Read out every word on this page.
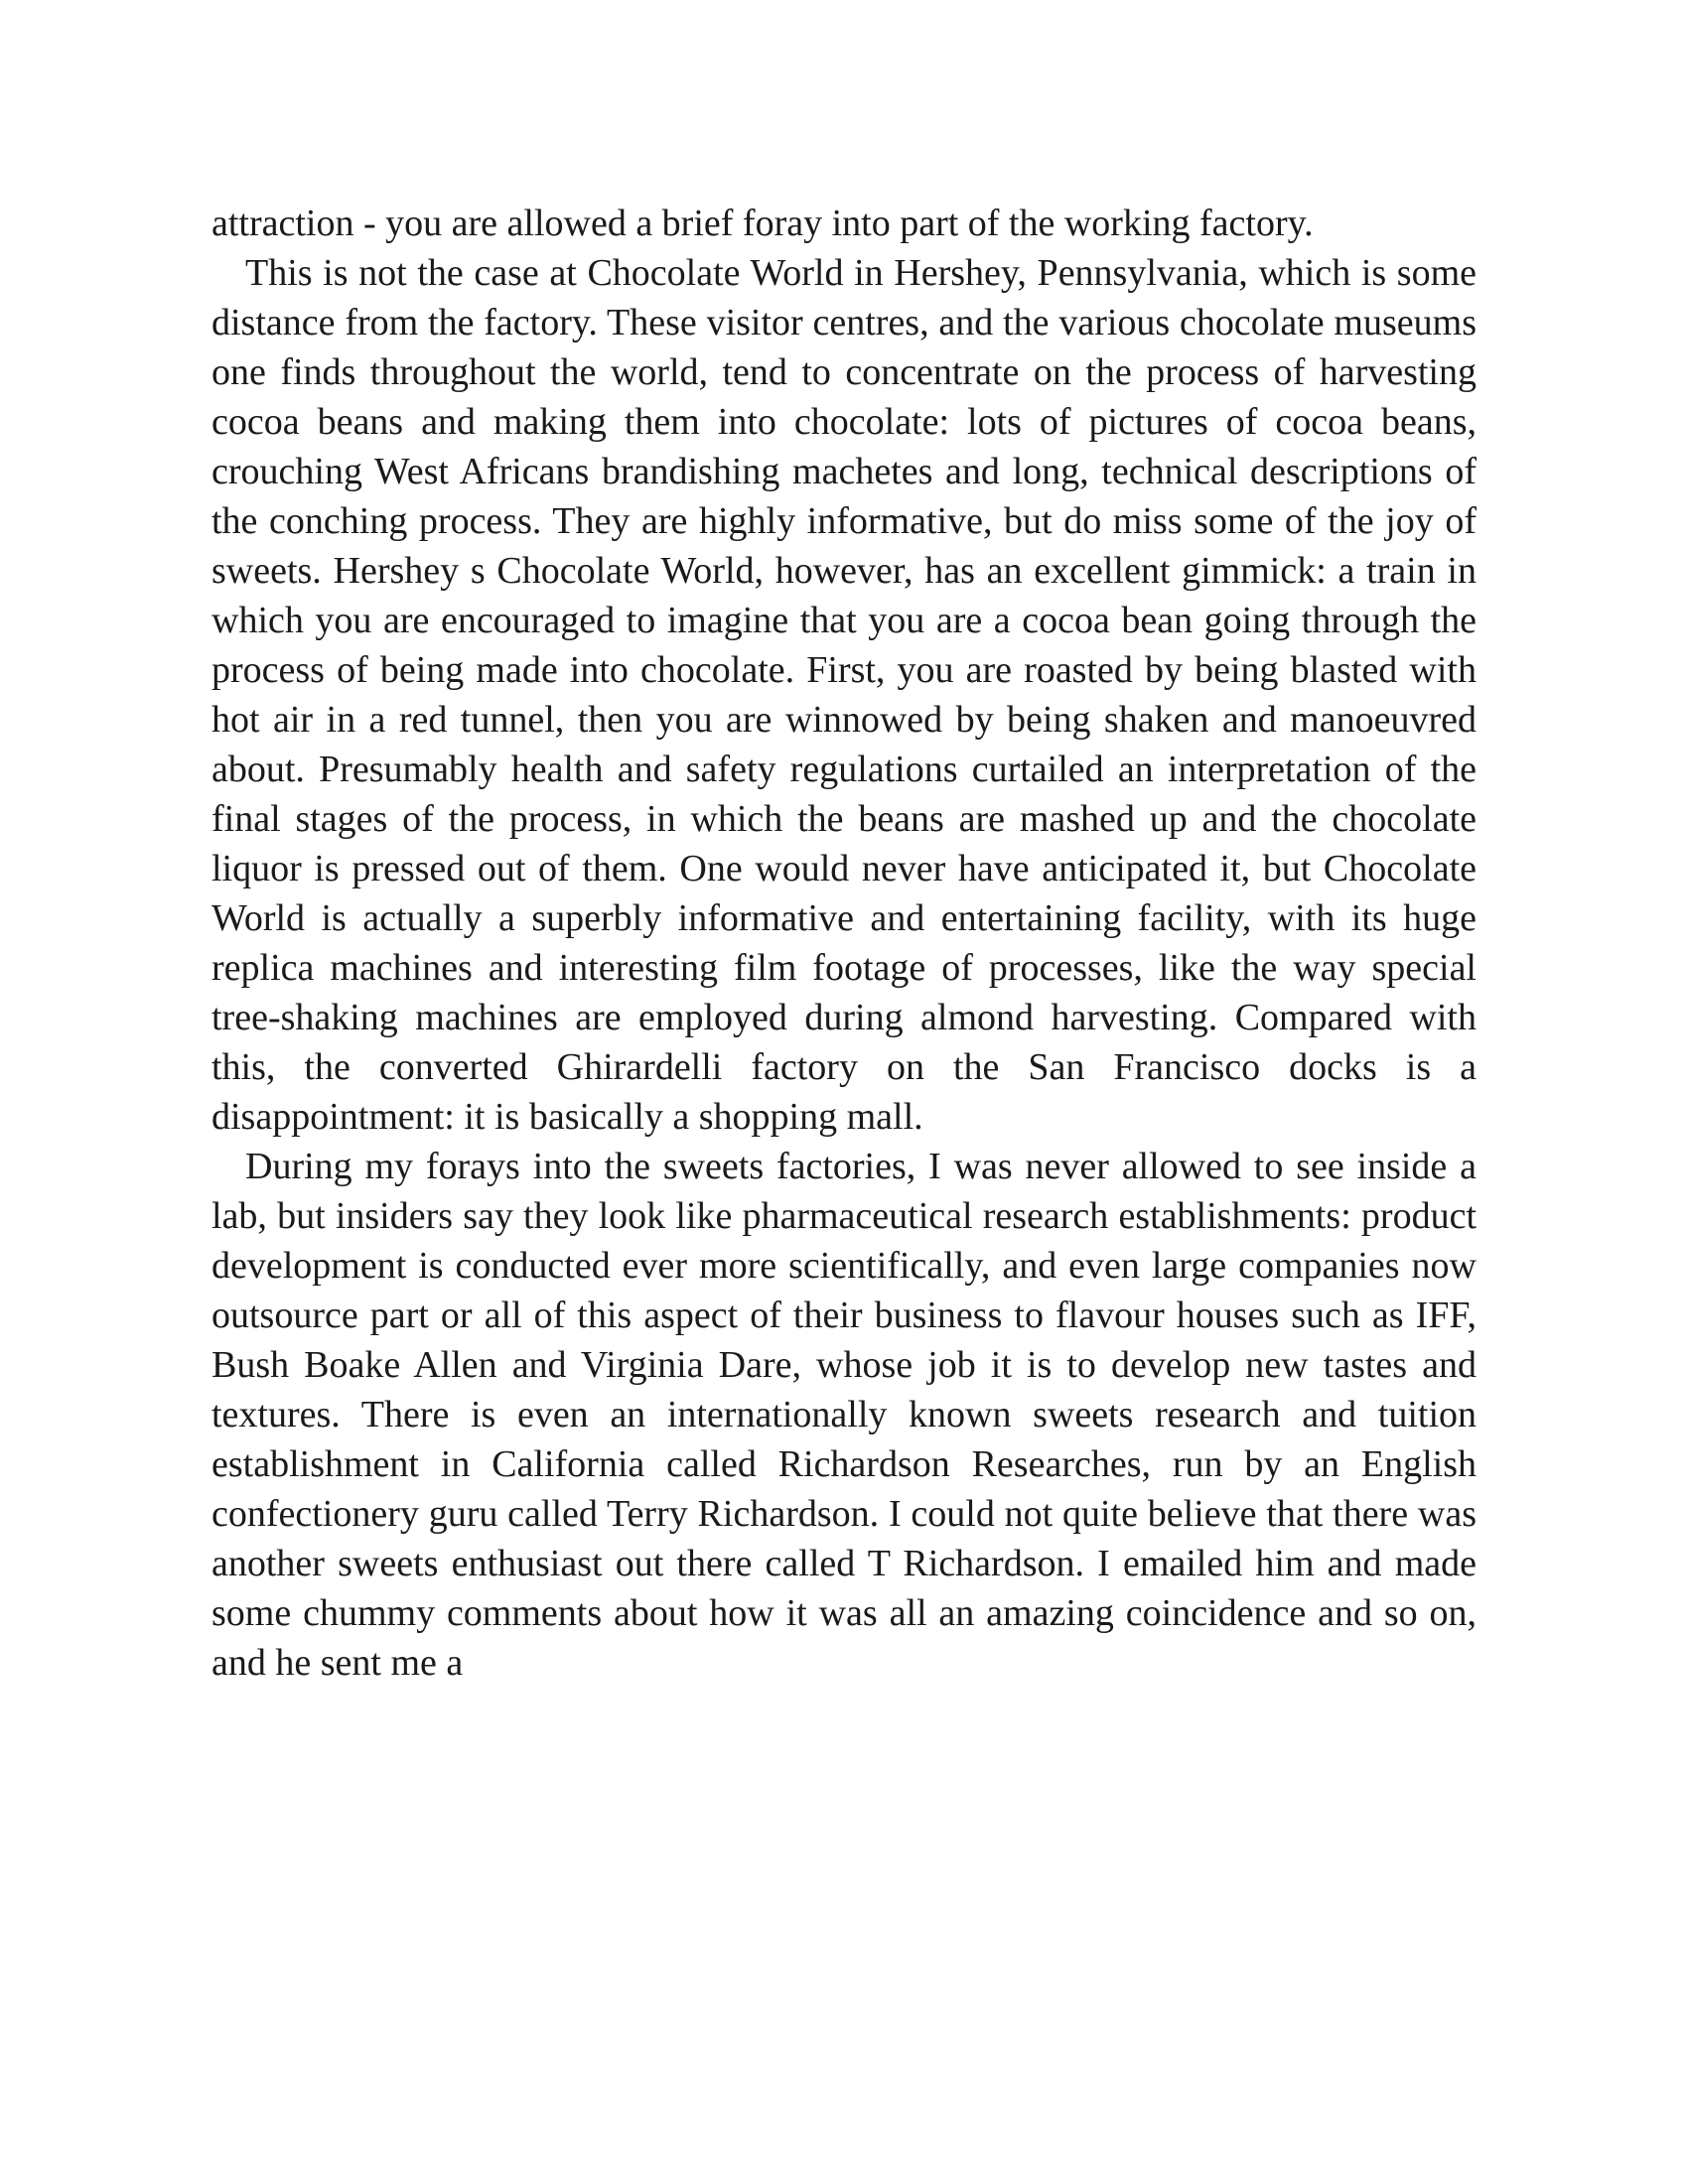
attraction - you are allowed a brief foray into part of the working factory.

This is not the case at Chocolate World in Hershey, Pennsylvania, which is some distance from the factory. These visitor centres, and the various chocolate museums one finds throughout the world, tend to concentrate on the process of harvesting cocoa beans and making them into chocolate: lots of pictures of cocoa beans, crouching West Africans brandishing machetes and long, technical descriptions of the conching process. They are highly informative, but do miss some of the joy of sweets. Hershey s Chocolate World, however, has an excellent gimmick: a train in which you are encouraged to imagine that you are a cocoa bean going through the process of being made into chocolate. First, you are roasted by being blasted with hot air in a red tunnel, then you are winnowed by being shaken and manoeuvred about. Presumably health and safety regulations curtailed an interpretation of the final stages of the process, in which the beans are mashed up and the chocolate liquor is pressed out of them. One would never have anticipated it, but Chocolate World is actually a superbly informative and entertaining facility, with its huge replica machines and interesting film footage of processes, like the way special tree-shaking machines are employed during almond harvesting. Compared with this, the converted Ghirardelli factory on the San Francisco docks is a disappointment: it is basically a shopping mall.

During my forays into the sweets factories, I was never allowed to see inside a lab, but insiders say they look like pharmaceutical research establishments: product development is conducted ever more scientifically, and even large companies now outsource part or all of this aspect of their business to flavour houses such as IFF, Bush Boake Allen and Virginia Dare, whose job it is to develop new tastes and textures. There is even an internationally known sweets research and tuition establishment in California called Richardson Researches, run by an English confectionery guru called Terry Richardson. I could not quite believe that there was another sweets enthusiast out there called T Richardson. I emailed him and made some chummy comments about how it was all an amazing coincidence and so on, and he sent me a
